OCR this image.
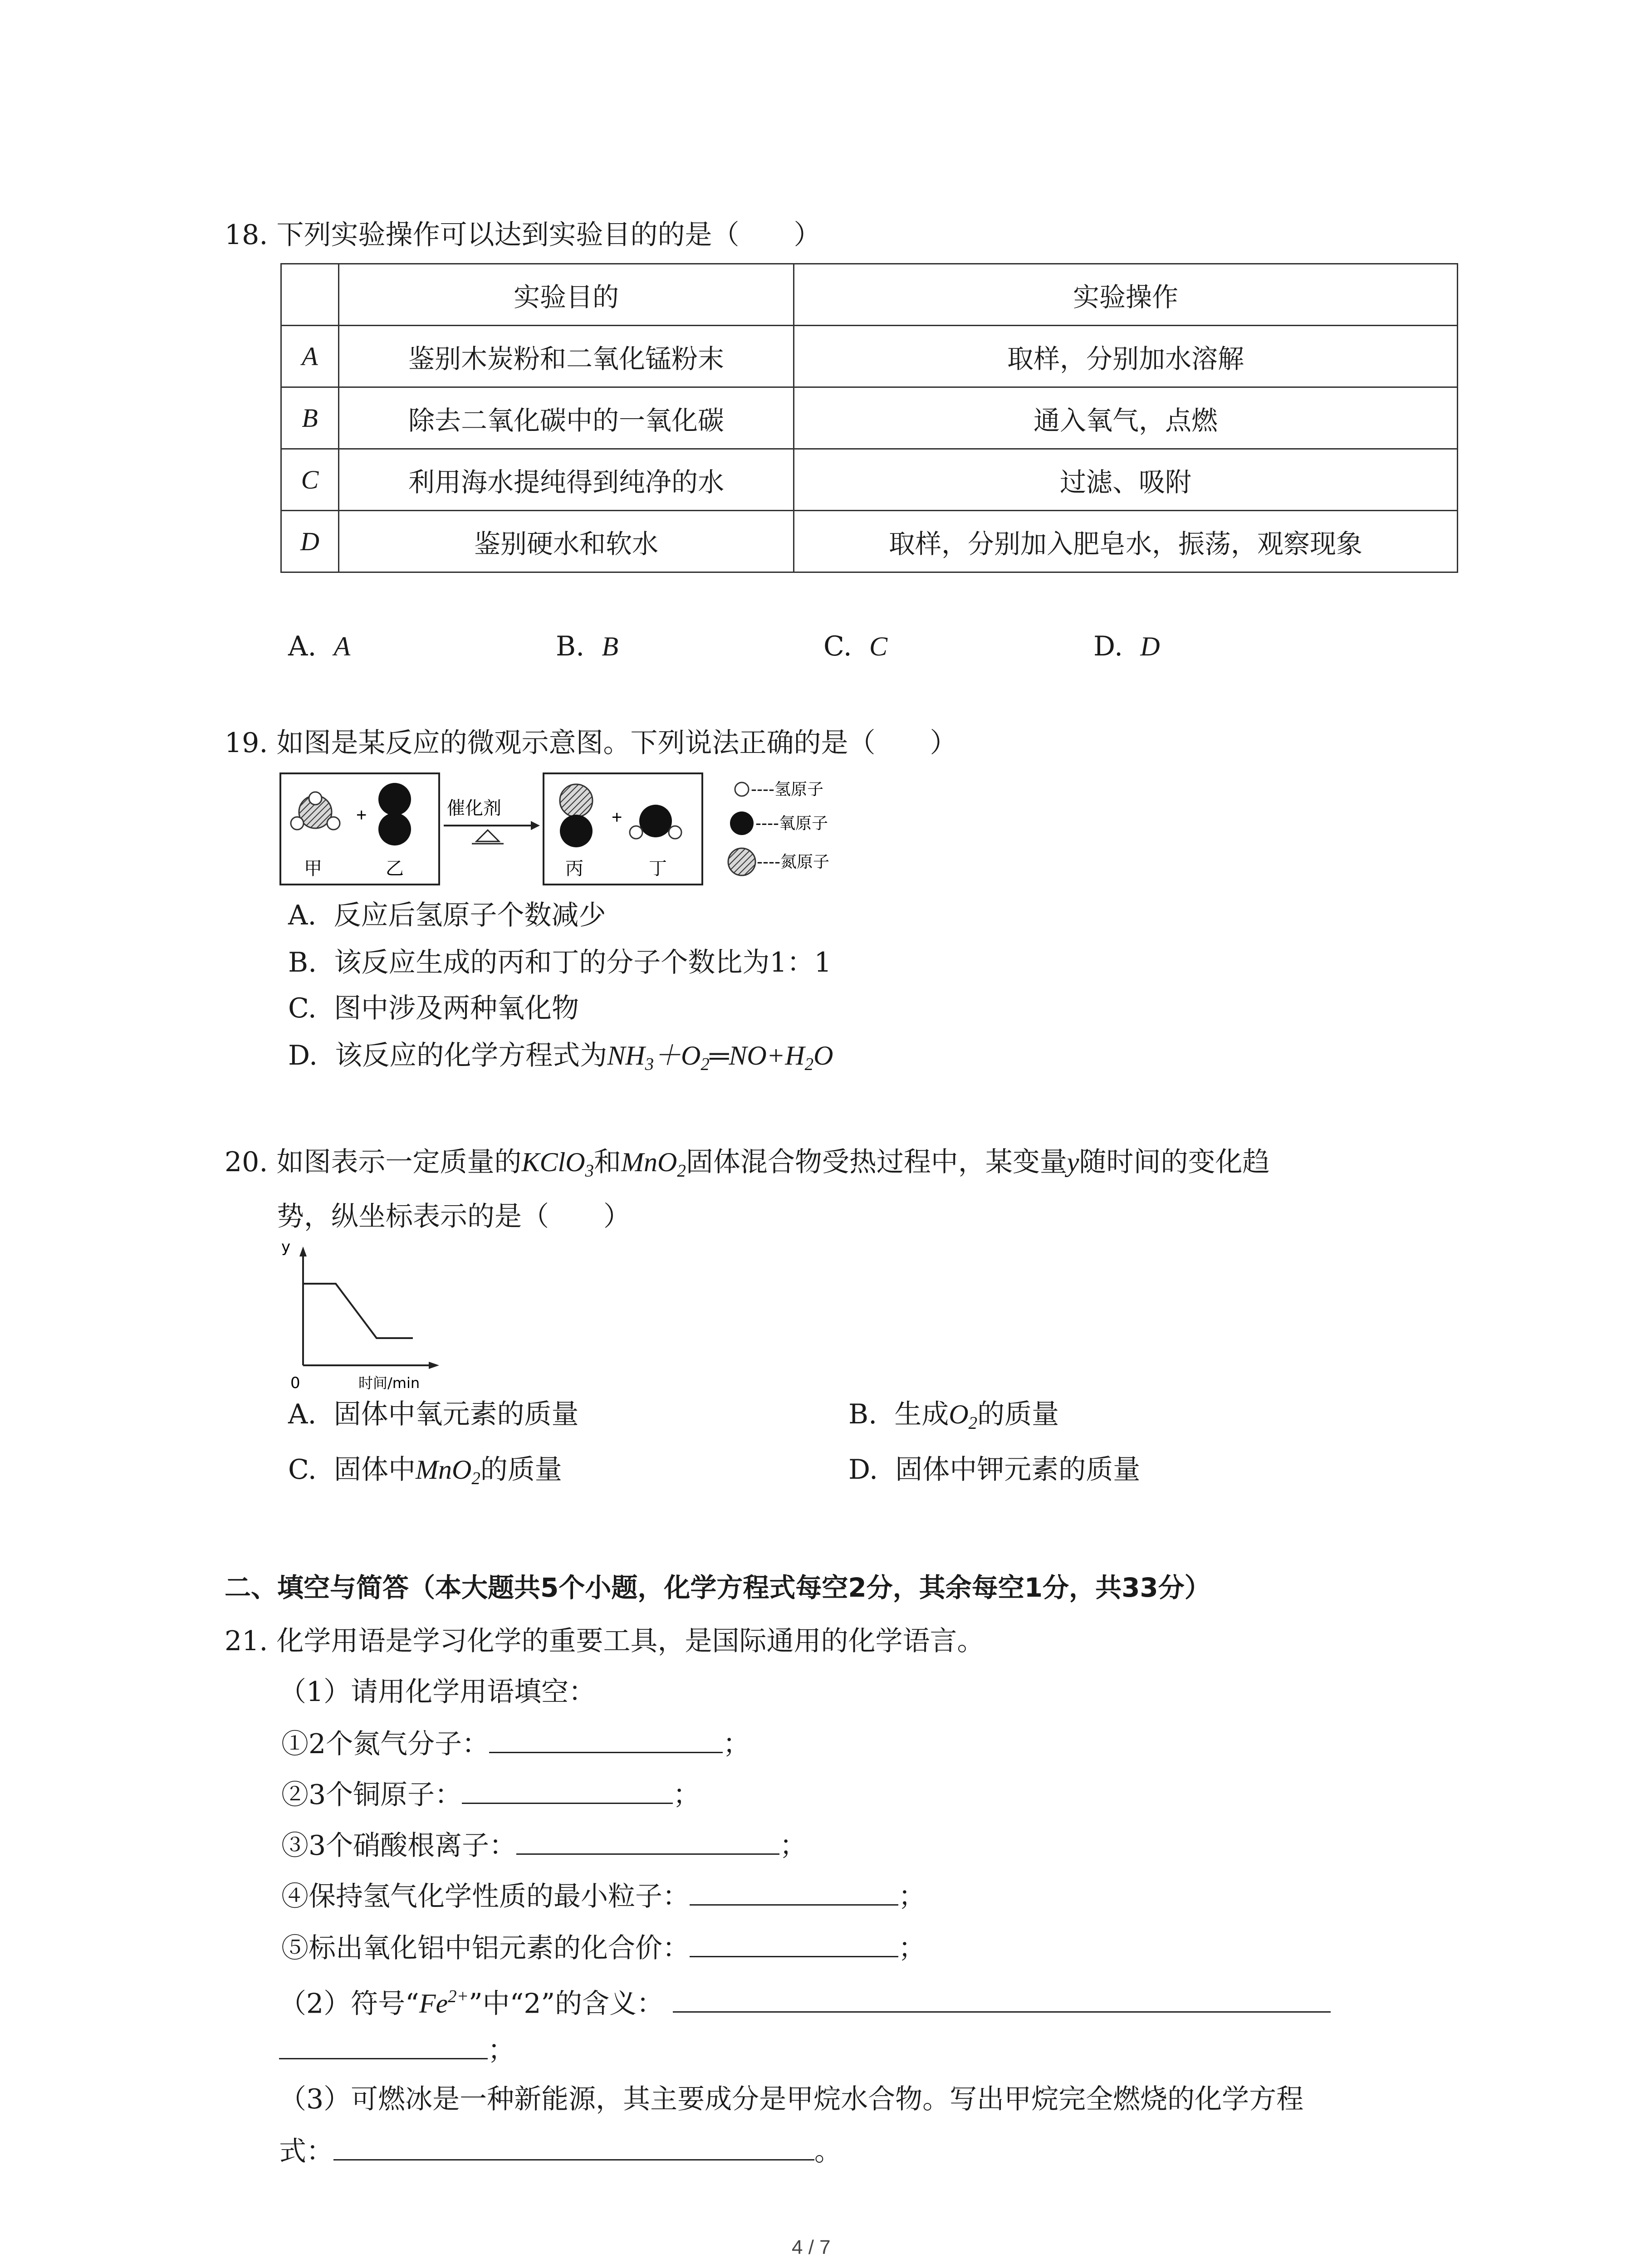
18. 下列实验操作可以达到实验目的的是（　　）
	实验目的	实验操作
A	鉴别木炭粉和二氧化锰粉末	取样，分别加水溶解
B	除去二氧化碳中的一氧化碳	通入氧气，点燃
C	利用海水提纯得到纯净的水	过滤、吸附
D	鉴别硬水和软水	取样，分别加入肥皂水，振荡，观察现象
A. A	B. B	C. C	D. D
19. 如图是某反应的微观示意图。下列说法正确的是（　　）
+
甲	乙
催化剂	+
丙	丁
----氢原子
----氧原子
----氮原子
A. 反应后氢原子个数减少
B. 该反应生成的丙和丁的分子个数比为1：1
C. 图中涉及两种氧化物
D. 该反应的化学方程式为$NH_3+O_2═NO+H_2O$
20. 如图表示一定质量的KClO$_3$和MnO$_2$固体混合物受热过程中，某变量y随时间的变化趋
势，纵坐标表示的是（　　）
y
0	时间/min
A. 固体中氧元素的质量	B. 生成$O_2$的质量
C. 固体中MnO$_2$的质量	D. 固体中钾元素的质量
二、填空与简答（本大题共5个小题，化学方程式每空2分，其余每空1分，共33分）
21. 化学用语是学习化学的重要工具，是国际通用的化学语言。
（1）请用化学用语填空：
①2个氮气分子：	；
②3个铜原子：	；
③3个硝酸根离子：	；
④保持氢气化学性质的最小粒子：	；
⑤标出氧化铝中铝元素的化合价：	；
（2）符号“$Fe^{2+}$”中“2”的含义：
；
（3）可燃冰是一种新能源，其主要成分是甲烷水合物。写出甲烷完全燃烧的化学方程
式：	。
4 / 7
